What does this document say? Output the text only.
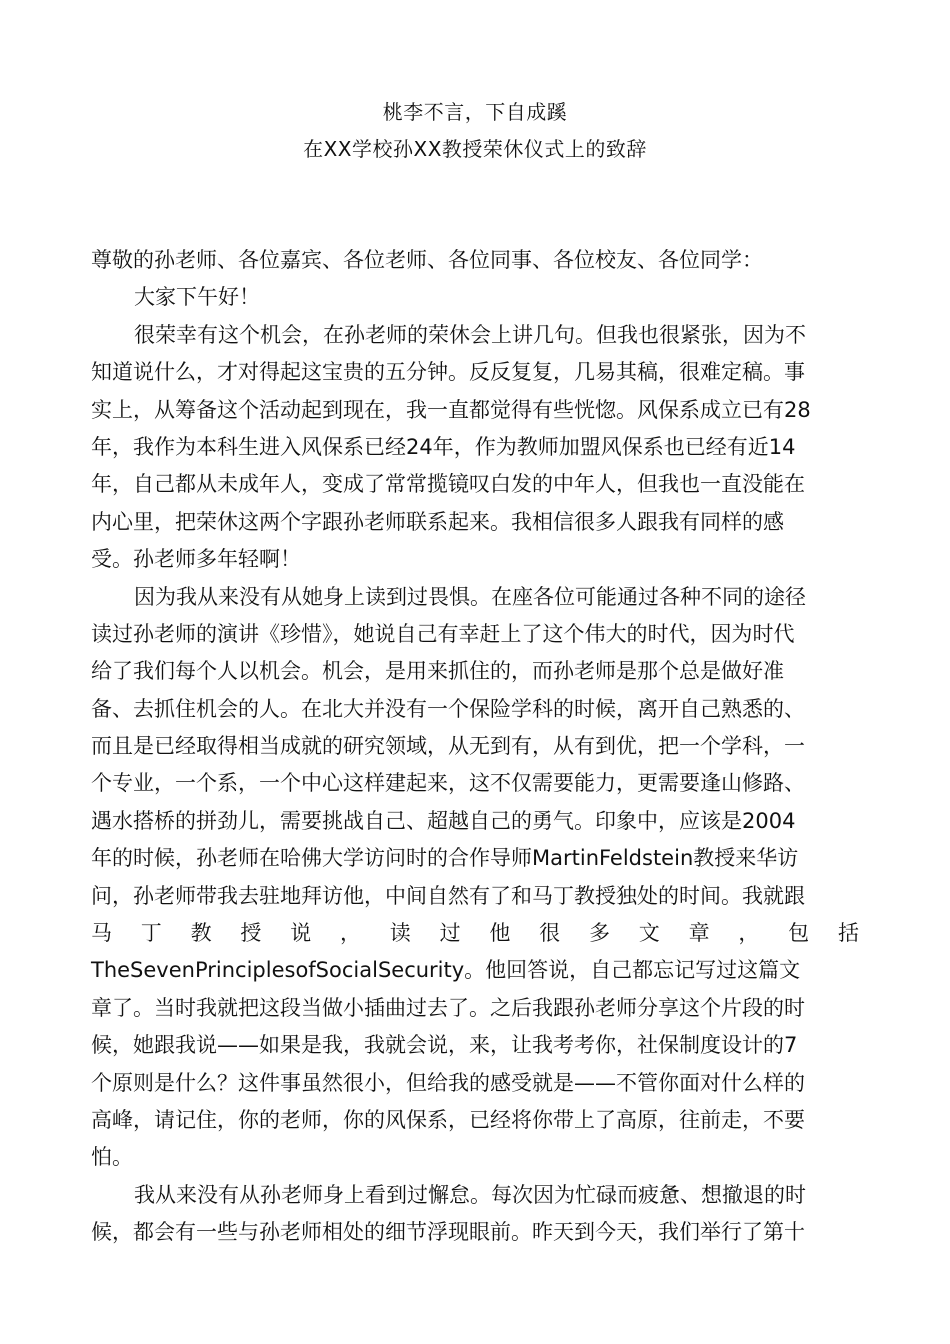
桃李不言，下自成蹊
在XX学校孙XX教授荣休仪式上的致辞
尊敬的孙老师、各位嘉宾、各位老师、各位同事、各位校友、各位同学：
大家下午好！
很荣幸有这个机会，在孙老师的荣休会上讲几句。但我也很紧张，因为不
知道说什么，才对得起这宝贵的五分钟。反反复复，几易其稿，很难定稿。事
实上，从筹备这个活动起到现在，我一直都觉得有些恍惚。风保系成立已有28
年，我作为本科生进入风保系已经24年，作为教师加盟风保系也已经有近14
年，自己都从未成年人，变成了常常揽镜叹白发的中年人，但我也一直没能在
内心里，把荣休这两个字跟孙老师联系起来。我相信很多人跟我有同样的感
受。孙老师多年轻啊！
因为我从来没有从她身上读到过畏惧。在座各位可能通过各种不同的途径
读过孙老师的演讲《珍惜》，她说自己有幸赶上了这个伟大的时代，因为时代
给了我们每个人以机会。机会，是用来抓住的，而孙老师是那个总是做好准
备、去抓住机会的人。在北大并没有一个保险学科的时候，离开自己熟悉的、
而且是已经取得相当成就的研究领域，从无到有，从有到优，把一个学科，一
个专业，一个系，一个中心这样建起来，这不仅需要能力，更需要逢山修路、
遇水搭桥的拼劲儿，需要挑战自己、超越自己的勇气。印象中，应该是2004
年的时候，孙老师在哈佛大学访问时的合作导师MartinFeldstein教授来华访
问，孙老师带我去驻地拜访他，中间自然有了和马丁教授独处的时间。我就跟
马 丁 教 授 说 ， 读 过 他 很 多 文 章 ， 包 括
TheSevenPrinciplesofSocialSecurity。他回答说，自己都忘记写过这篇文
章了。当时我就把这段当做小插曲过去了。之后我跟孙老师分享这个片段的时
候，她跟我说——如果是我，我就会说，来，让我考考你，社保制度设计的7
个原则是什么？这件事虽然很小，但给我的感受就是——不管你面对什么样的
高峰，请记住，你的老师，你的风保系，已经将你带上了高原，往前走，不要
怕。
我从来没有从孙老师身上看到过懈怠。每次因为忙碌而疲惫、想撤退的时
候，都会有一些与孙老师相处的细节浮现眼前。昨天到今天，我们举行了第十
